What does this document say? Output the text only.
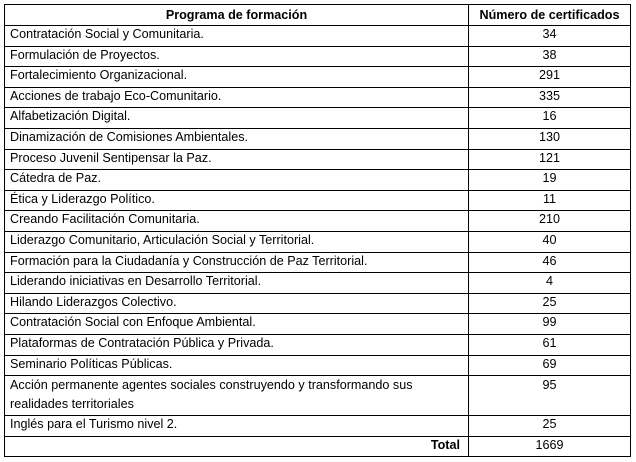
Programa de formación	Número de certificados
Contratación Social y Comunitaria.	34
Formulación de Proyectos.	38
Fortalecimiento Organizacional.	291
Acciones de trabajo Eco-Comunitario.	335
Alfabetización Digital.	16
Dinamización de Comisiones Ambientales.	130
Proceso Juvenil Sentipensar la Paz.	121
Cátedra de Paz.	19
Ética y Liderazgo Político.	11
Creando Facilitación Comunitaria.	210
Liderazgo Comunitario, Articulación Social y Territorial.	40
Formación para la Ciudadanía y Construcción de Paz Territorial.	46
Liderando iniciativas en Desarrollo Territorial.	4
Hilando Liderazgos Colectivo.	25
Contratación Social con Enfoque Ambiental.	99
Plataformas de Contratación Pública y Privada.	61
Seminario Políticas Públicas.	69
Acción permanente agentes sociales construyendo y transformando sus realidades territoriales	95
Inglés para el Turismo nivel 2.	25
Total	1669
